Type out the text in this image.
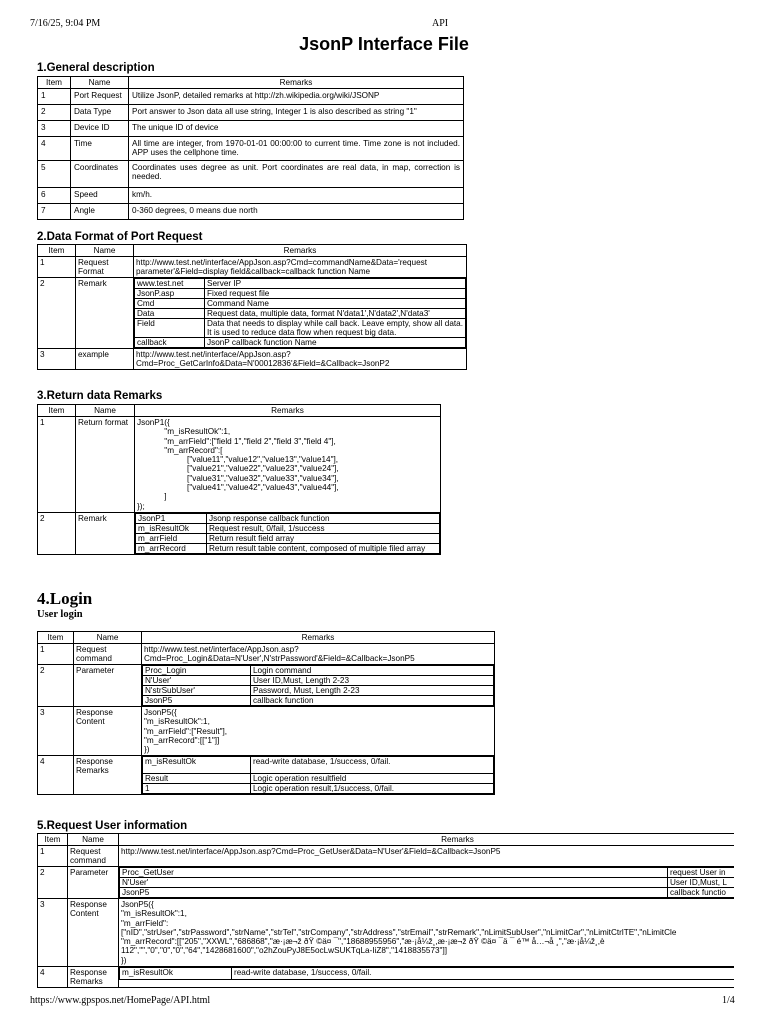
7/16/25, 9:04 PM	API
JsonP Interface File
1.General description
Item	Name	Remarks
1	Port Request	Utilize JsonP, detailed remarks at http://zh.wikipedia.org/wiki/JSONP
2	Data Type	Port answer to Json data all use string, Integer 1 is also described as string "1"
3	Device ID	The unique ID of device
4	Time	All time are integer, from 1970-01-01 00:00:00 to current time. Time zone is not included. APP uses the cellphone time.
5	Coordinates	Coordinates uses degree as unit. Port coordinates are real data, in map, correction is needed.
6	Speed	km/h.
7	Angle	0-360 degrees, 0 means due north
2.Data Format of Port Request
Item	Name	Remarks
1	Request Format	http://www.test.net/interface/AppJson.asp?Cmd=commandName&Data='request parameter'&Field=display field&callback=callback function Name
2	Remark		www.test.net	Server IP
JsonP.asp	Fixed request file
Cmd	Command Name
Data	Request data, multiple data, format N'data1',N'data2',N'data3'
Field	Data that needs to display while call back. Leave empty, show all data. It is used to reduce data flow when request big data.
callback	JsonP callback function Name

3	example	http://www.test.net/interface/AppJson.asp?Cmd=Proc_GetCarInfo&Data=N'00012836'&Field=&Callback=JsonP2
3.Return data Remarks
Item	Name	Remarks
1	Return format	JsonP1({
"m_isResultOk":1,
"m_arrField":["field 1","field 2","field 3","field 4"],
"m_arrRecord":[
["value11","value12","value13","value14"],
["value21","value22","value23","value24"],
["value31","value32","value33","value34"],
["value41","value42","value43","value44"],
]
});
2	Remark		JsonP1	Jsonp response callback function
m_isResultOk	Request result, 0/fail, 1/success
m_arrField	Return result field array
m_arrRecord	Return result table content, composed of multiple filed array
4.Login
User login
Item	Name	Remarks
1	Request command	http://www.test.net/interface/AppJson.asp?Cmd=Proc_Login&Data=N'User',N'strPassword'&Field=&Callback=JsonP5
2	Parameter		Proc_Login	Login command
N'User'	User ID,Must, Length 2-23
N'strSubUser'	Password, Must, Length 2-23
JsonP5	callback function

3	Response Content	JsonP5({
"m_isResultOk":1,
"m_arrField":["Result"],
"m_arrRecord":[["1"]]
})
4	Response Remarks	
m_isResultOk	read-write database, 1/success, 0/fail.
Result	Logic operation resultfield
1	Logic operation result,1/success, 0/fail.
5.Request User information
Item	Name	Remarks
1	Request command	http://www.test.net/interface/AppJson.asp?Cmd=Proc_GetUser&Data=N'User'&Field=&Callback=JsonP5
2	Parameter	Proc_GetUser	request User in
N'User'	User ID,Must, L
JsonP5	callback functio

3	Response Content	JsonP5({
"m_isResultOk":1,
"m_arrField":
["nID","strUser","strPassword","strName","strTel","strCompany","strAddress","strEmail","strRemark","nLimitSubUser","nLimitCar","nLimitCtrlTE","nLimitCle
"m_arrRecord":[["205","XXWL","686868","æ·¡æ¬ž ðŸ ©ä¤ ¯","18688955956","æ·¡å¼ž¸,æ·¡æ¬ž ðŸ ©ä¤ ¯ä ¯ é™ å…¬å ¸","æ·¡å¼ž¸,è
112","","0","0","0","64","1428681600","o2hZouPyJ8E5ocLwSUKTqLa-IiZ8","1418835573"]]
})
4	Response Remarks	
m_isResultOk	read-write database, 1/success, 0/fail.
https://www.gpspos.net/HomePage/API.html	1/4
